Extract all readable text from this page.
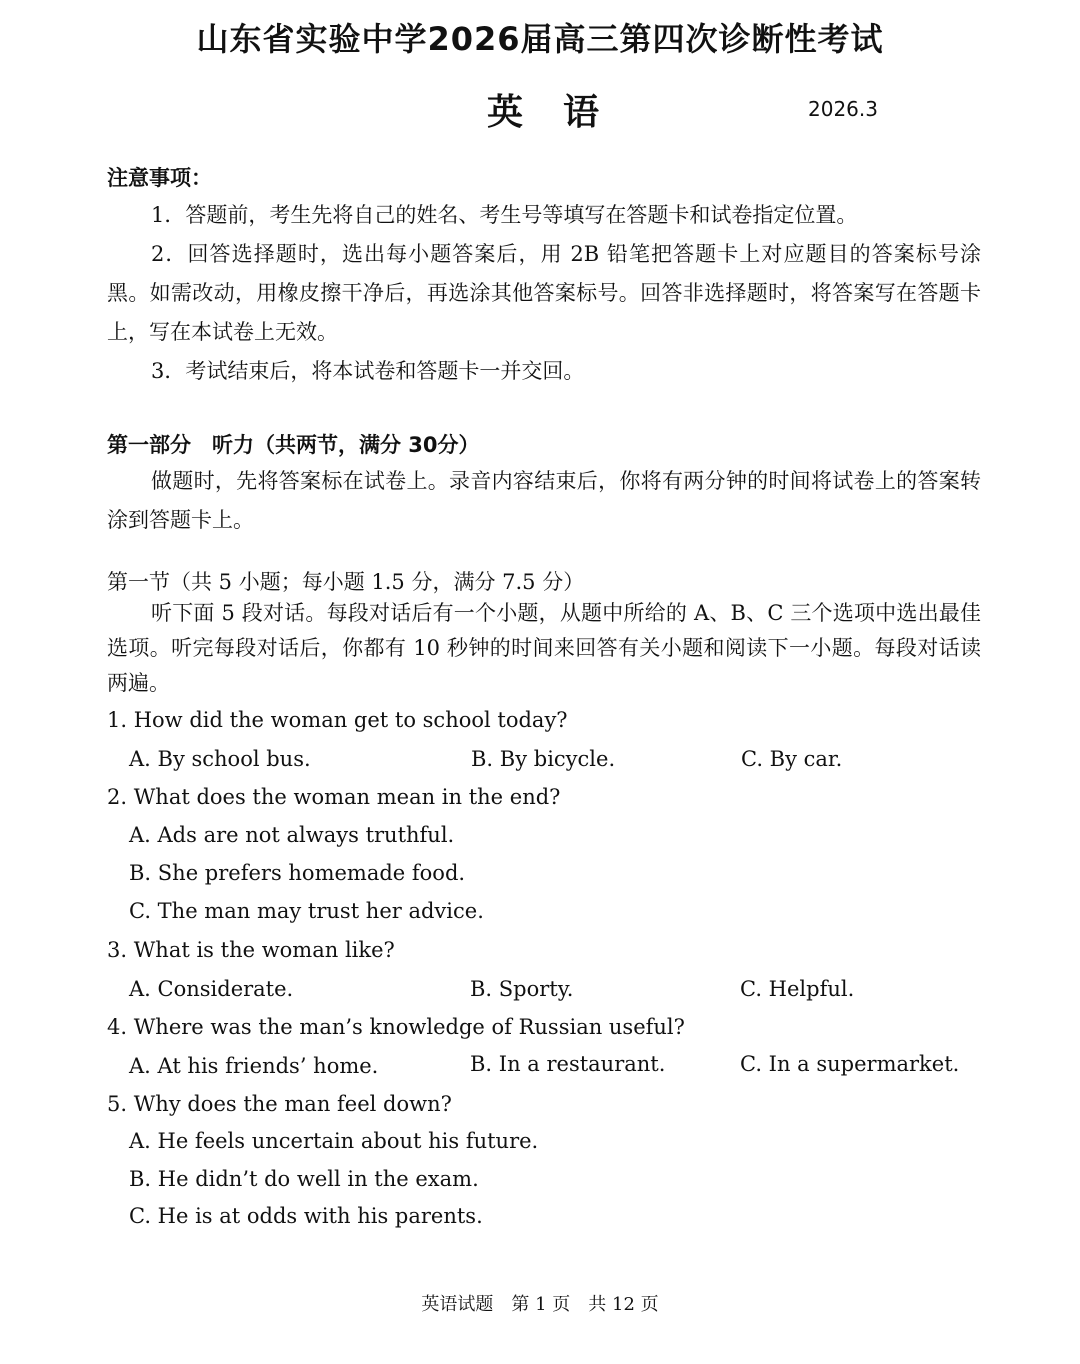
山东省实验中学2026届高三第四次诊断性考试
英语	2026.3
注意事项：

1．答题前，考生先将自己的姓名、考生号等填写在答题卡和试卷指定位置。

2．回答选择题时，选出每小题答案后，用 2B 铅笔把答题卡上对应题目的答案标号涂黑。如需改动，用橡皮擦干净后，再选涂其他答案标号。回答非选择题时，将答案写在答题卡上，写在本试卷上无效。

3．考试结束后，将本试卷和答题卡一并交回。

第一部分　听力（共两节，满分 30分）

做题时，先将答案标在试卷上。录音内容结束后，你将有两分钟的时间将试卷上的答案转涂到答题卡上。

第一节（共 5 小题；每小题 1.5 分，满分 7.5 分）

听下面 5 段对话。每段对话后有一个小题，从题中所给的 A、B、C 三个选项中选出最佳选项。听完每段对话后，你都有 10 秒钟的时间来回答有关小题和阅读下一小题。每段对话读两遍。

1. How did the woman get to school today?
A. By school bus.	B. By bicycle.	C. By car.
2. What does the woman mean in the end?
A. Ads are not always truthful.
B. She prefers homemade food.
C. The man may trust her advice.
3. What is the woman like?
A. Considerate.	B. Sporty.	C. Helpful.
4. Where was the man’s knowledge of Russian useful?
A. At his friends’ home.	B. In a restaurant.	C. In a supermarket.
5. Why does the man feel down?
A. He feels uncertain about his future.
B. He didn’t do well in the exam.
C. He is at odds with his parents.
英语试题　第 1 页　共 12 页
